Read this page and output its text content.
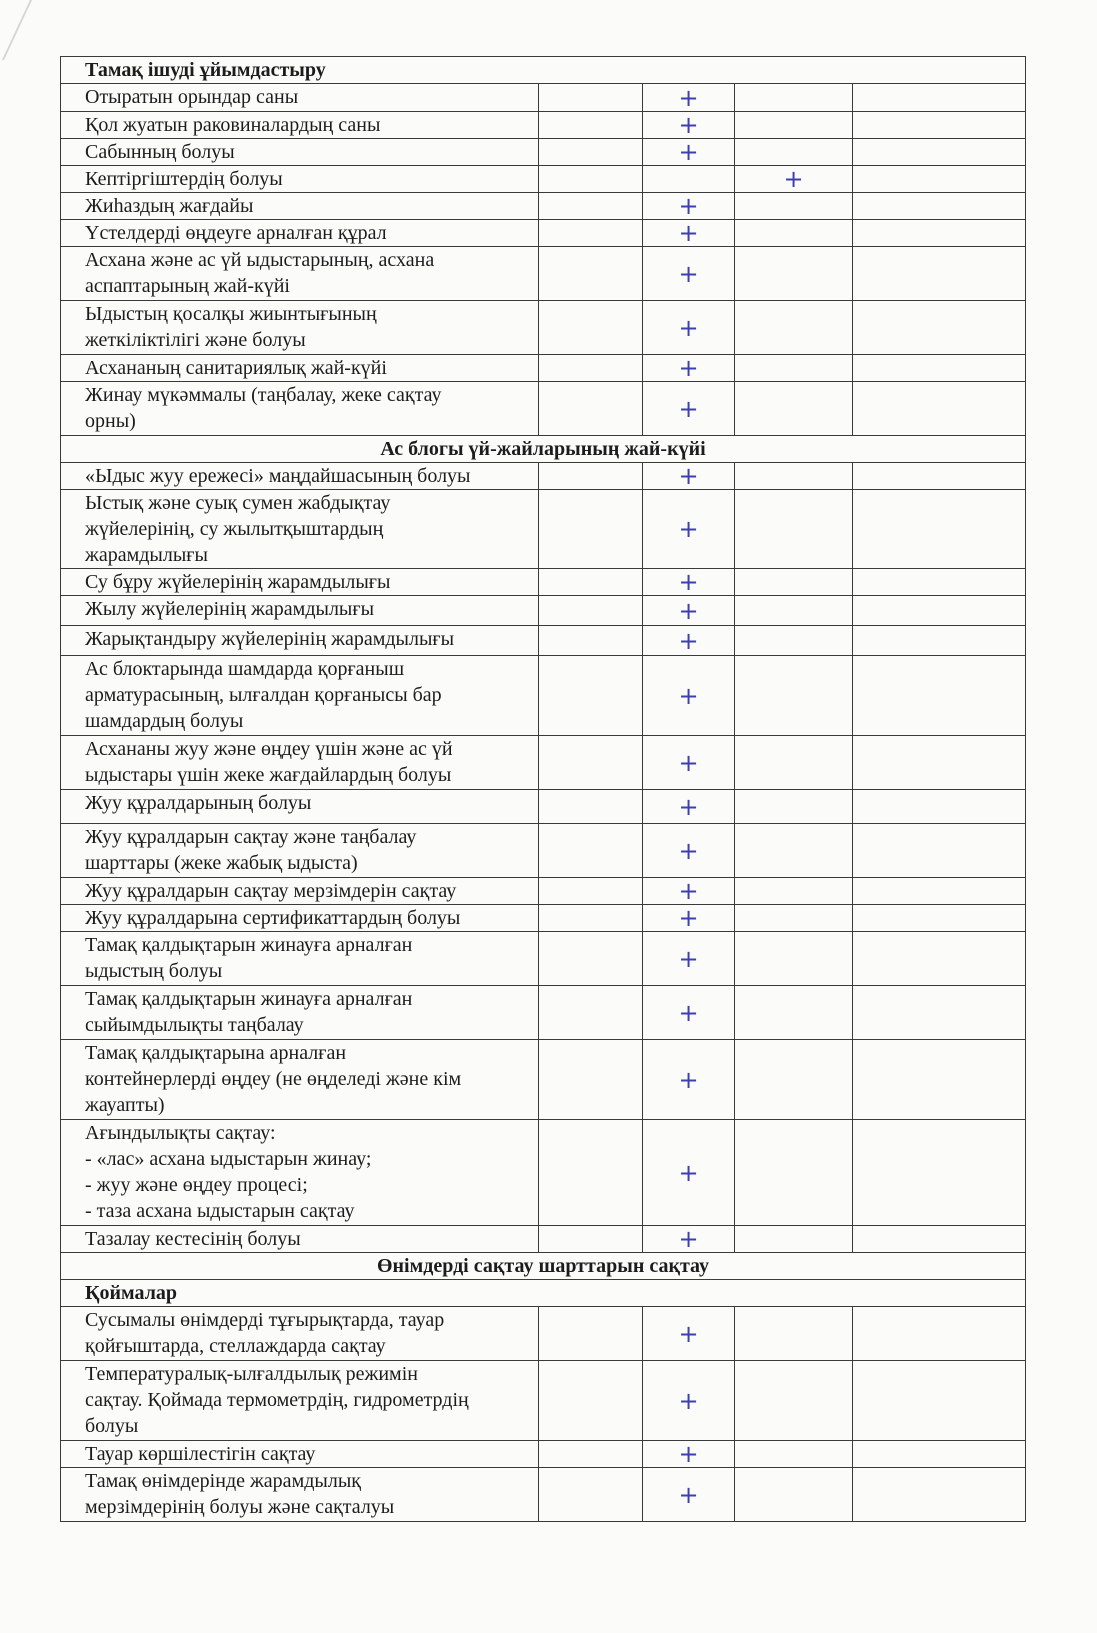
Тамақ ішуді ұйымдастыру				
Отыратын орындар саны		+		
Қол жуатын раковиналардың саны		+		
Сабынның болуы		+		
Кептіргіштердің болуы			+	
Жиһаздың жағдайы		+		
Үстелдерді өңдеуге арналған құрал		+		
Асхана және ас үй ыдыстарының, асхана
аспаптарының жай-күйі		+		
Ыдыстың қосалқы жиынтығының
жеткіліктілігі және болуы		+		
Асхананың санитариялық жай-күйі		+		
Жинау мүкәммалы (таңбалау, жеке сақтау
орны)		+		
Ас блогы үй-жайларының жай-күйі				
«Ыдыс жуу ережесі» маңдайшасының болуы		+		
Ыстық және суық сумен жабдықтау
жүйелерінің, су жылытқыштардың
жарамдылығы		+		
Су бұру жүйелерінің жарамдылығы		+		
Жылу жүйелерінің жарамдылығы		+		
Жарықтандыру жүйелерінің жарамдылығы		+		
Ас блоктарында шамдарда қорғаныш
арматурасының, ылғалдан қорғанысы бар
шамдардың болуы		+		
Асхананы жуу және өңдеу үшін және ас үй
ыдыстары үшін жеке жағдайлардың болуы		+		
Жуу құралдарының болуы		+		
Жуу құралдарын сақтау және таңбалау
шарттары (жеке жабық ыдыста)		+		
Жуу құралдарын сақтау мерзімдерін сақтау		+		
Жуу құралдарына сертификаттардың болуы		+		
Тамақ қалдықтарын жинауға арналған
ыдыстың болуы		+		
Тамақ қалдықтарын жинауға арналған
сыйымдылықты таңбалау		+		
Тамақ қалдықтарына арналған
контейнерлерді өңдеу (не өңделеді және кім
жауапты)		+		
Ағындылықты сақтау:
- «лас» асхана ыдыстарын жинау;
- жуу және өңдеу процесі;
- таза асхана ыдыстарын сақтау		+		
Тазалау кестесінің болуы		+		
Өнімдерді сақтау шарттарын сақтау				
Қоймалар				
Сусымалы өнімдерді тұғырықтарда, тауар
қойғыштарда, стеллаждарда сақтау		+		
Температуралық-ылғалдылық режимін
сақтау. Қоймада термометрдің, гидрометрдің
болуы		+		
Тауар көршілестігін сақтау		+		
Тамақ өнімдерінде жарамдылық
мерзімдерінің болуы және сақталуы		+		
